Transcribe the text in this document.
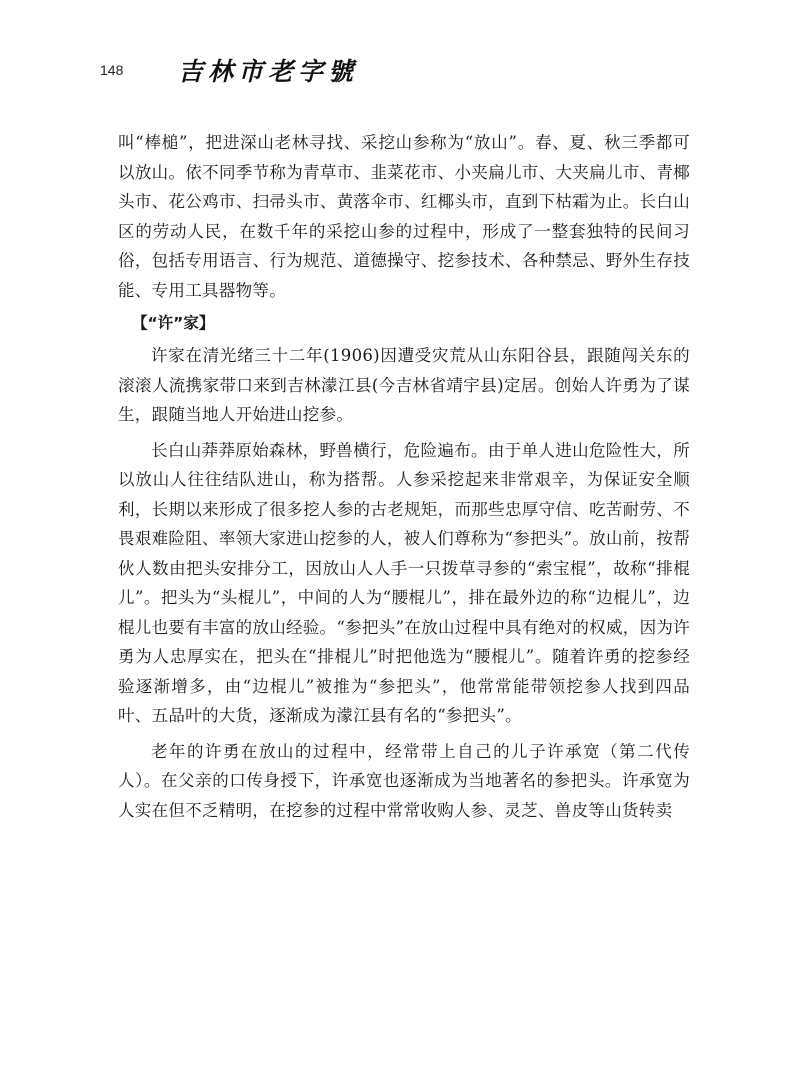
148 吉林市老字號

叫“棒槌”，把进深山老林寻找、采挖山参称为“放山”。春、夏、秋三季都可以放山。依不同季节称为青草市、韭菜花市、小夹扁儿市、大夹扁儿市、青椰头市、花公鸡市、扫帚头市、黄落伞市、红椰头市，直到下枯霜为止。长白山区的劳动人民，在数千年的采挖山参的过程中，形成了一整套独特的民间习俗，包括专用语言、行为规范、道德操守、挖参技术、各种禁忌、野外生存技能、专用工具器物等。

【“许”家】

许家在清光绪三十二年(1906)因遭受灾荒从山东阳谷县，跟随闯关东的滚滚人流携家带口来到吉林濛江县(今吉林省靖宇县)定居。创始人许勇为了谋生，跟随当地人开始进山挖参。

长白山莽莽原始森林，野兽横行，危险遍布。由于单人进山危险性大，所以放山人往往结队进山，称为搭帮。人参采挖起来非常艰辛，为保证安全顺利，长期以来形成了很多挖人参的古老规矩，而那些忠厚守信、吃苦耐劳、不畏艰难险阻、率领大家进山挖参的人，被人们尊称为“参把头”。放山前，按帮伙人数由把头安排分工，因放山人人手一只拨草寻参的“索宝棍”，故称“排棍儿”。把头为“头棍儿”，中间的人为“腰棍儿”，排在最外边的称“边棍儿”，边棍儿也要有丰富的放山经验。“参把头”在放山过程中具有绝对的权威，因为许勇为人忠厚实在，把头在“排棍儿”时把他选为“腰棍儿”。随着许勇的挖参经验逐渐增多，由“边棍儿”被推为“参把头”，他常常能带领挖参人找到四品叶、五品叶的大货，逐渐成为濛江县有名的“参把头”。

老年的许勇在放山的过程中，经常带上自己的儿子许承宽（第二代传人）。在父亲的口传身授下，许承宽也逐渐成为当地著名的参把头。许承宽为人实在但不乏精明，在挖参的过程中常常收购人参、灵芝、兽皮等山货转卖
